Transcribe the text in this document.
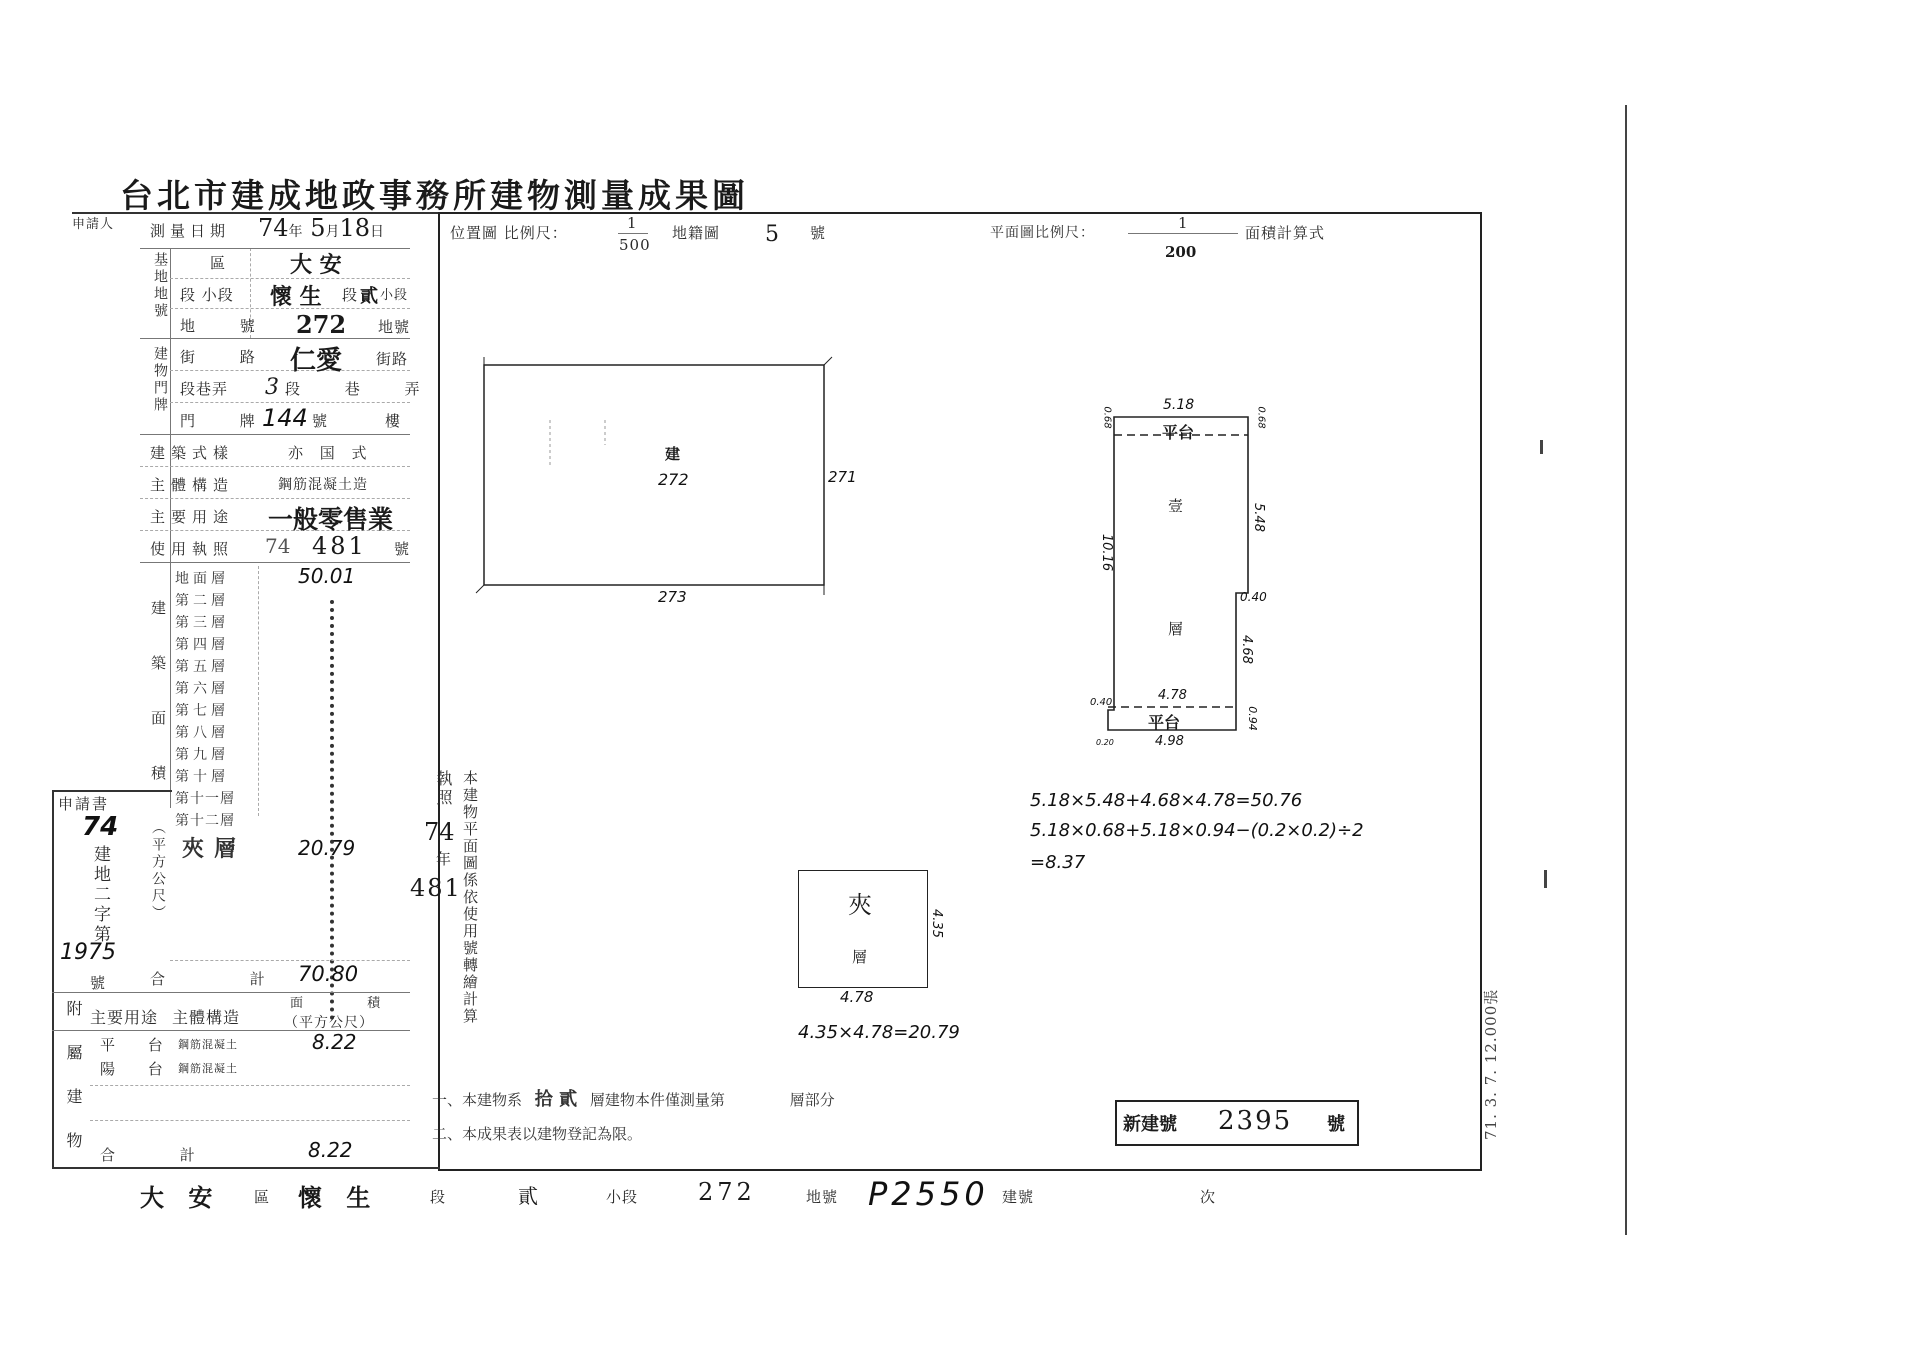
台北市建成地政事務所建物測量成果圖
申請人 測量日期 74年 5月18日	位置圖 比例尺：
1
500
地籍圖 5 號	平面圖比例尺：
1
200
面積計算式
基地地號	區	大 安
段 小段 懷 生 段 貳 小段
地 號 272 地號
建物門牌 街 路 仁愛 街路
段巷弄 3 段 巷 弄
門 牌
144 號	樓
建築式樣	亦 国 式
主體構造	鋼筋混凝土造
主要用途 一般零售業
使用執照 74 481 號
建築面積
地面層	50.01
第二層
第三層
第四層
第五層
第六層
第七層
第八層
第九層
第十層
第十一層
第十二層
夾層	20.79
（平方公尺）
合 計
70.80
申請書
74
建地二字第
1975
號
附屬建物 主要用途 主體構造
面 積
（平方公尺）
平 台 鋼筋混凝土	8.22
陽 台 鋼筋混凝土
合 計	8.22
執照
74
年
481 本建物平面圖係依使用號轉繪計算
建
272	271
273
5.18
0.68	0.68
平台
壹
層
10.16
5.48
0.40
4.68
4.78
0.40
平台	0.94
0.20	4.98
5.18×5.48+4.68×4.78=50.76
5.18×0.68+5.18×0.94−(0.2×0.2)÷2
=8.37
夾
層
4.35
4.78
4.35×4.78=20.79
一、本建物系 拾 貳 層建物本件僅測量第	層部分
二、本成果表以建物登記為限。	新建號 2395 號
大 安 區 懷 生	段	貳	小段 272	地號 P2550 建號	次
71. 3. 7. 12.000張
